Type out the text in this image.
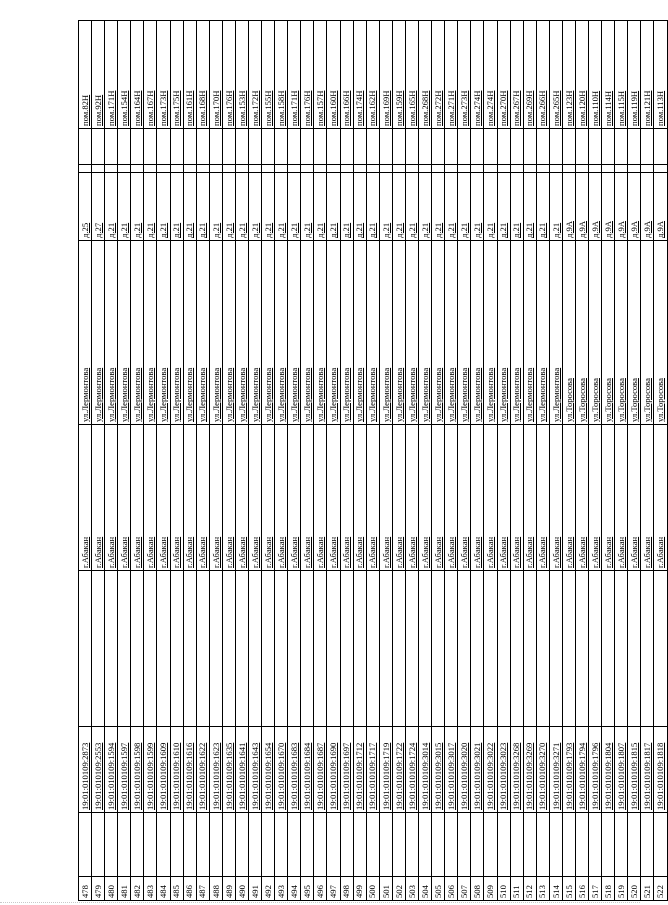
478		19:01:010109:2873		г.Абакан	ул.Лермонтова	д.25			пом.82Н
479		19:01:010109:2553		г.Абакан	ул.Лермонтова	д.27			пом.92Н
480		19:01:010109:1594		г.Абакан	ул.Лермонтова	д.21			пом.171Н
481		19:01:010109:1597		г.Абакан	ул.Лермонтова	д.21			пом.154Н
482		19:01:010109:1598		г.Абакан	ул.Лермонтова	д.21			пом.164Н
483		19:01:010109:1599		г.Абакан	ул.Лермонтова	д.21			пом.167Н
484		19:01:010109:1609		г.Абакан	ул.Лермонтова	д.21			пом.173Н
485		19:01:010109:1610		г.Абакан	ул.Лермонтова	д.21			пом.175Н
486		19:01:010109:1616		г.Абакан	ул.Лермонтова	д.21			пом.161Н
487		19:01:010109:1622		г.Абакан	ул.Лермонтова	д.21			пом.168Н
488		19:01:010109:1623		г.Абакан	ул.Лермонтова	д.21			пом.170Н
489		19:01:010109:1635		г.Абакан	ул.Лермонтова	д.21			пом.176Н
490		19:01:010109:1641		г.Абакан	ул.Лермонтова	д.21			пом.153Н
491		19:01:010109:1643		г.Абакан	ул.Лермонтова	д.21			пом.172Н
492		19:01:010109:1654		г.Абакан	ул.Лермонтова	д.21			пом.155Н
493		19:01:010109:1670		г.Абакан	ул.Лермонтова	д.21			пом.158Н
494		19:01:010109:1683		г.Абакан	ул.Лермонтова	д.21			пом.171Н
495		19:01:010109:1684		г.Абакан	ул.Лермонтова	д.21			пом.176Н
496		19:01:010109:1687		г.Абакан	ул.Лермонтова	д.21			пом.157Н
497		19:01:010109:1690		г.Абакан	ул.Лермонтова	д.21			пом.160Н
498		19:01:010109:1697		г.Абакан	ул.Лермонтова	д.21			пом.166Н
499		19:01:010109:1712		г.Абакан	ул.Лермонтова	д.21			пом.174Н
500		19:01:010109:1717		г.Абакан	ул.Лермонтова	д.21			пом.162Н
501		19:01:010109:1719		г.Абакан	ул.Лермонтова	д.21			пом.169Н
502		19:01:010109:1722		г.Абакан	ул.Лермонтова	д.21			пом.159Н
503		19:01:010109:1724		г.Абакан	ул.Лермонтова	д.21			пом.165Н
504		19:01:010109:3014		г.Абакан	ул.Лермонтова	д.21			пом.268Н
505		19:01:010109:3015		г.Абакан	ул.Лермонтова	д.21			пом.272Н
506		19:01:010109:3017		г.Абакан	ул.Лермонтова	д.21			пом.271Н
507		19:01:010109:3020		г.Абакан	ул.Лермонтова	д.21			пом.273Н
508		19:01:010109:3021		г.Абакан	ул.Лермонтова	д.21			пом.274Н
509		19:01:010109:3022		г.Абакан	ул.Лермонтова	д.21			пом.274Н
510		19:01:010109:3023		г.Абакан	ул.Лермонтова	д.21			пом.270Н
511		19:01:010109:3268		г.Абакан	ул.Лермонтова	д.21			пом.267Н
512		19:01:010109:3269		г.Абакан	ул.Лермонтова	д.21			пом.269Н
513		19:01:010109:3270		г.Абакан	ул.Лермонтова	д.21			пом.266Н
514		19:01:010109:3271		г.Абакан	ул.Лермонтова	д.21			пом.265Н
515		19:01:010109:1793		г.Абакан	ул.Торосова	д.9А			пом.123Н
516		19:01:010109:1794		г.Абакан	ул.Торосова	д.9А			пом.120Н
517		19:01:010109:1796		г.Абакан	ул.Торосова	д.9А			пом.110Н
518		19:01:010109:1804		г.Абакан	ул.Торосова	д.9А			пом.114Н
519		19:01:010109:1807		г.Абакан	ул.Торосова	д.9А			пом.115Н
520		19:01:010109:1815		г.Абакан	ул.Торосова	д.9А			пом.119Н
521		19:01:010109:1817		г.Абакан	ул.Торосова	д.9А			пом.121Н
522		19:01:010109:1818		г.Абакан	ул.Торосова	д.9А			пом.113Н
